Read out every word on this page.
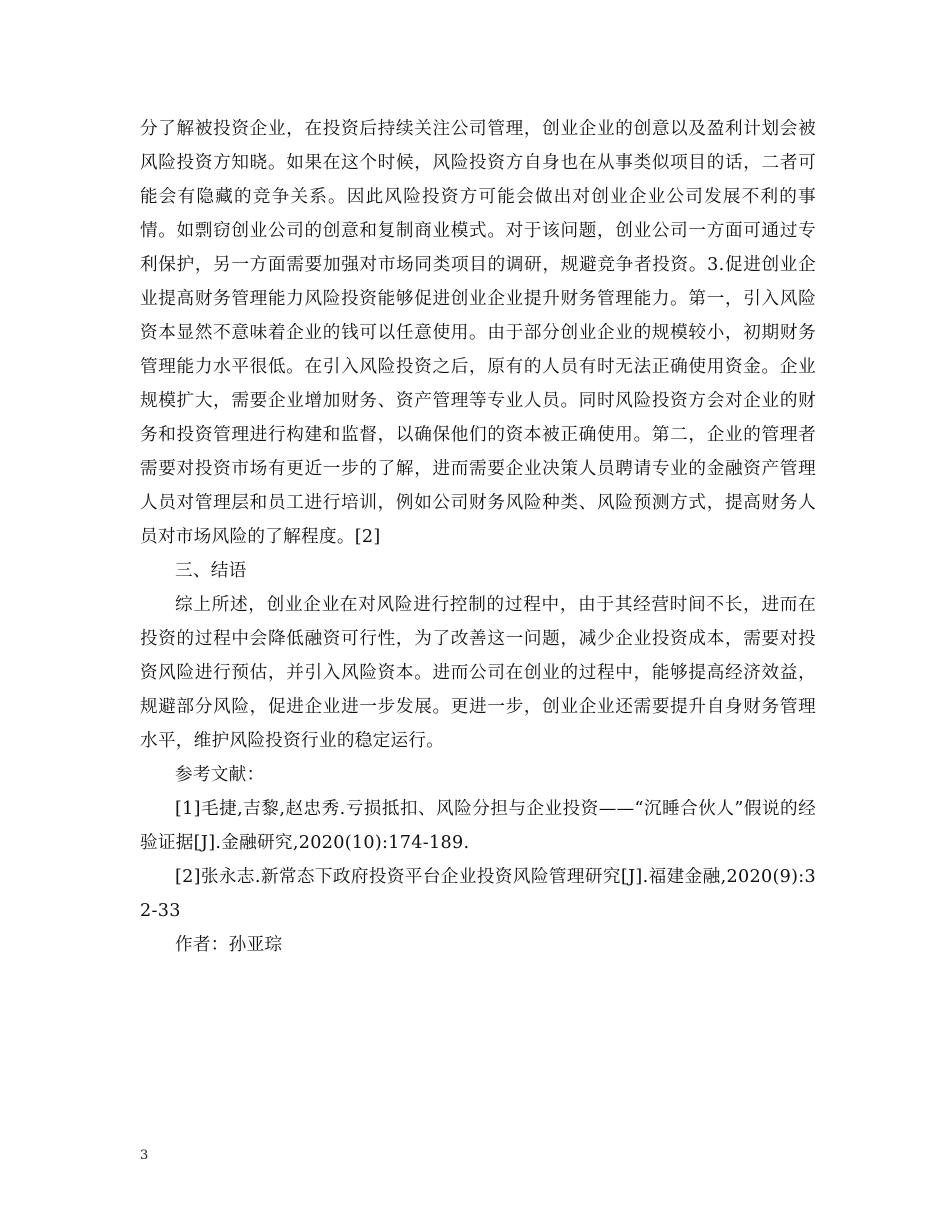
分了解被投资企业，在投资后持续关注公司管理，创业企业的创意以及盈利计划会被风险投资方知晓。如果在这个时候，风险投资方自身也在从事类似项目的话，二者可能会有隐藏的竞争关系。因此风险投资方可能会做出对创业企业公司发展不利的事情。如剽窃创业公司的创意和复制商业模式。对于该问题，创业公司一方面可通过专利保护，另一方面需要加强对市场同类项目的调研，规避竞争者投资。3.促进创业企业提高财务管理能力风险投资能够促进创业企业提升财务管理能力。第一，引入风险资本显然不意味着企业的钱可以任意使用。由于部分创业企业的规模较小，初期财务管理能力水平很低。在引入风险投资之后，原有的人员有时无法正确使用资金。企业规模扩大，需要企业增加财务、资产管理等专业人员。同时风险投资方会对企业的财务和投资管理进行构建和监督，以确保他们的资本被正确使用。第二，企业的管理者需要对投资市场有更近一步的了解，进而需要企业决策人员聘请专业的金融资产管理人员对管理层和员工进行培训，例如公司财务风险种类、风险预测方式，提高财务人员对市场风险的了解程度。[2]

三、结语

综上所述，创业企业在对风险进行控制的过程中，由于其经营时间不长，进而在投资的过程中会降低融资可行性，为了改善这一问题，减少企业投资成本，需要对投资风险进行预估，并引入风险资本。进而公司在创业的过程中，能够提高经济效益，规避部分风险，促进企业进一步发展。更进一步，创业企业还需要提升自身财务管理水平，维护风险投资行业的稳定运行。

参考文献：

[1]毛捷,吉黎,赵忠秀.亏损抵扣、风险分担与企业投资——“沉睡合伙人”假说的经验证据[J].金融研究,2020(10):174-189.

[2]张永志.新常态下政府投资平台企业投资风险管理研究[J].福建金融,2020(9):32-33

作者：孙亚琮

3
